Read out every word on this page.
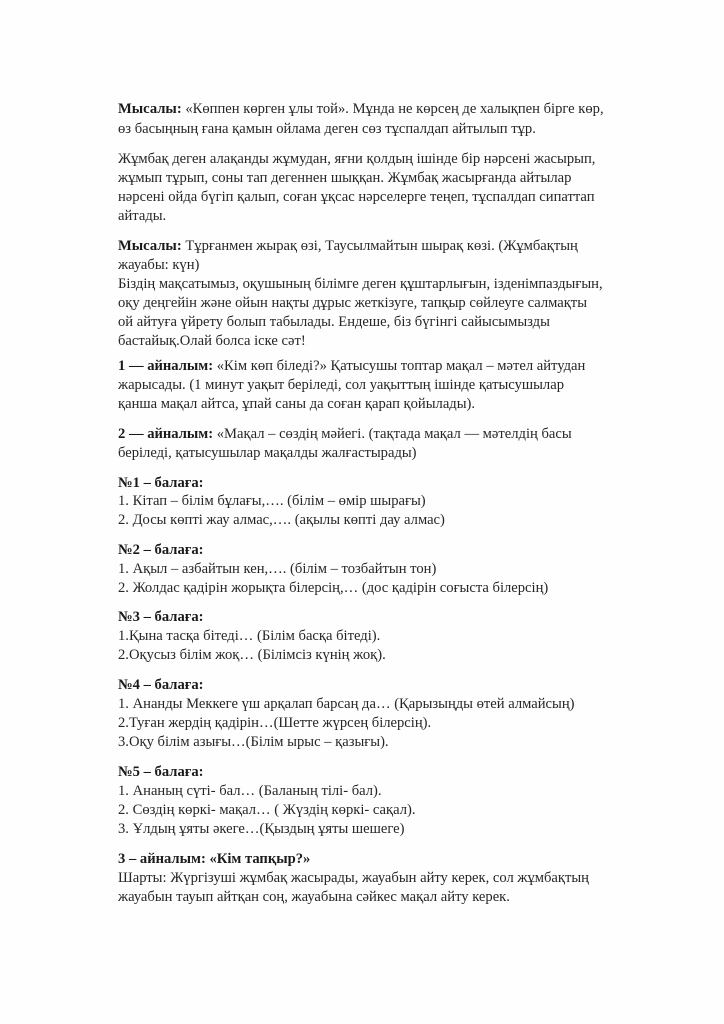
Мысалы: «Көппен көрген ұлы той». Мұнда не көрсең де халықпен бірге көр,
өз басыңның ғана қамын ойлама деген сөз тұспалдап айтылып тұр.
Жұмбақ деген алақанды жұмудан, яғни қолдың ішінде бір нәрсені жасырып,
жұмып тұрып, соны тап дегеннен шыққан. Жұмбақ жасырғанда айтылар
нәрсені ойда бүгіп қалып, соған ұқсас нәрселерге теңеп, тұспалдап сипаттап
айтады.
Мысалы: Тұрғанмен жырақ өзі, Таусылмайтын шырақ көзі. (Жұмбақтың
жауабы: күн)
Біздің мақсатымыз, оқушының білімге деген құштарлығын, ізденімпаздығын,
оқу деңгейін және ойын нақты дұрыс жеткізуге, тапқыр сөйлеуге салмақты
ой айтуға үйрету болып табылады. Ендеше, біз бүгінгі сайысымызды
бастайық.Олай болса іске сәт!
1 — айналым: «Кім көп біледі?» Қатысушы топтар мақал – мәтел айтудан
жарысады. (1 минут уақыт беріледі, сол уақыттың ішінде қатысушылар
қанша мақал айтса, ұпай саны да соған қарап қойылады).
2 — айналым: «Мақал – сөздің мәйегі. (тақтада мақал — мәтелдің басы
беріледі, қатысушылар мақалды жалғастырады)
№1 – балаға:
1. Кітап – білім бұлағы,…. (білім – өмір шырағы)
2. Досы көпті жау алмас,…. (ақылы көпті дау алмас)
№2 – балаға:
1. Ақыл – азбайтын кен,…. (білім – тозбайтын тон)
2. Жолдас қадірін жорықта білерсің,… (дос қадірін соғыста білерсің)
№3 – балаға:
1.Қына тасқа бітеді… (Білім басқа бітеді).
2.Оқусыз білім жоқ… (Білімсіз күнің жоқ).
№4 – балаға:
1. Ананды Меккеге үш арқалап барсаң да… (Қарызыңды өтей алмайсың)
2.Туған жердің қадірін…(Шетте жүрсең білерсің).
3.Оқу білім азығы…(Білім ырыс – қазығы).
№5 – балаға:
1. Ананың сүті- бал… (Баланың тілі- бал).
2. Сөздің көркі- мақал… ( Жүздің көркі- сақал).
3. Ұлдың ұяты әкеге…(Қыздың ұяты шешеге)
3 – айналым: «Кім тапқыр?»
Шарты: Жүргізуші жұмбақ жасырады, жауабын айту керек, сол жұмбақтың
жауабын тауып айтқан соң, жауабына сәйкес мақал айту керек.
